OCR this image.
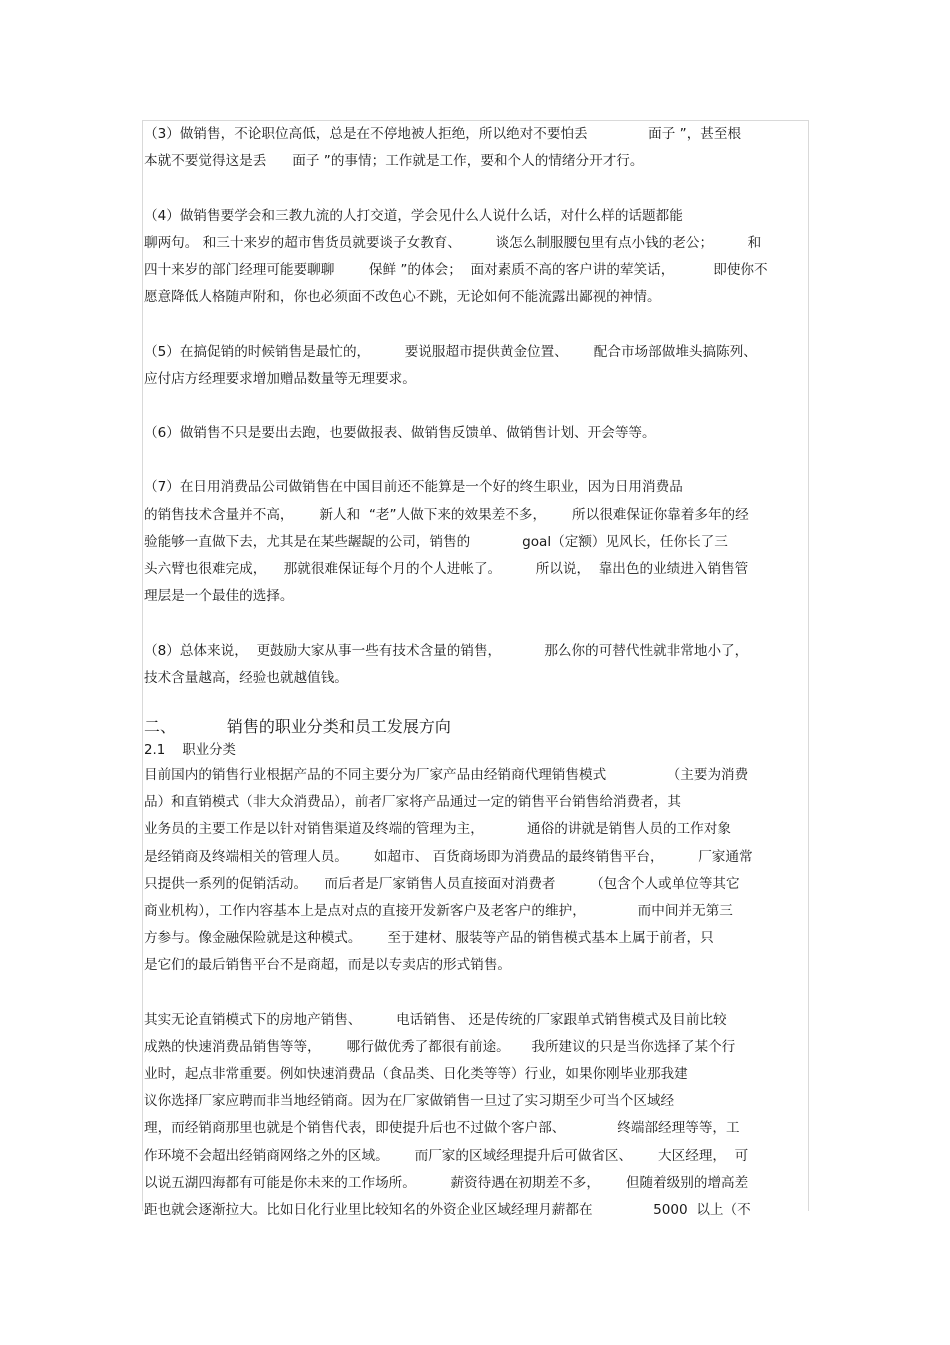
（3）做销售，不论职位高低，总是在不停地被人拒绝，所以绝对不要怕丢              面子 ”，甚至根
本就不要觉得这是丢      面子 ”的事情；工作就是工作，要和个人的情绪分开才行。
（4）做销售要学会和三教九流的人打交道，学会见什么人说什么话，对什么样的话题都能
聊两句。 和三十来岁的超市售货员就要谈子女教育、        谈怎么制服腰包里有点小钱的老公；        和
四十来岁的部门经理可能要聊聊        保鲜 ”的体会；  面对素质不高的客户讲的荤笑话，         即使你不
愿意降低人格随声附和，你也必须面不改色心不跳，无论如何不能流露出鄙视的神情。
（5）在搞促销的时候销售是最忙的，        要说服超市提供黄金位置、      配合市场部做堆头搞陈列、
应付店方经理要求增加赠品数量等无理要求。
（6）做销售不只是要出去跑，也要做报表、做销售反馈单、做销售计划、开会等等。
（7）在日用消费品公司做销售在中国目前还不能算是一个好的终生职业，因为日用消费品
的销售技术含量并不高，      新人和  “老”人做下来的效果差不多，      所以很难保证你靠着多年的经
验能够一直做下去，尤其是在某些龌龊的公司，销售的            goal（定额）见风长，任你长了三
头六臂也很难完成，    那就很难保证每个月的个人进帐了。        所以说，  靠出色的业绩进入销售管
理层是一个最佳的选择。
（8）总体来说，  更鼓励大家从事一些有技术含量的销售，          那么你的可替代性就非常地小了，
技术含量越高，经验也就越值钱。
二、          销售的职业分类和员工发展方向
2.1    职业分类
目前国内的销售行业根据产品的不同主要分为厂家产品由经销商代理销售模式              （主要为消费
品）和直销模式（非大众消费品），前者厂家将产品通过一定的销售平台销售给消费者，其
业务员的主要工作是以针对销售渠道及终端的管理为主，          通俗的讲就是销售人员的工作对象
是经销商及终端相关的管理人员。      如超市、 百货商场即为消费品的最终销售平台，        厂家通常
只提供一系列的促销活动。    而后者是厂家销售人员直接面对消费者        （包含个人或单位等其它
商业机构），工作内容基本上是点对点的直接开发新客户及老客户的维护，            而中间并无第三
方参与。像金融保险就是这种模式。      至于建材、服装等产品的销售模式基本上属于前者，只
是它们的最后销售平台不是商超，而是以专卖店的形式销售。
其实无论直销模式下的房地产销售、        电话销售、 还是传统的厂家跟单式销售模式及目前比较
成熟的快速消费品销售等等，      哪行做优秀了都很有前途。     我所建议的只是当你选择了某个行
业时，起点非常重要。例如快速消费品（食品类、日化类等等）行业，如果你刚毕业那我建
议你选择厂家应聘而非当地经销商。因为在厂家做销售一旦过了实习期至少可当个区域经
理，而经销商那里也就是个销售代表，即使提升后也不过做个客户部、            终端部经理等等，工
作环境不会超出经销商网络之外的区域。      而厂家的区域经理提升后可做省区、      大区经理，  可
以说五湖四海都有可能是你未来的工作场所。        薪资待遇在初期差不多，      但随着级别的增高差
距也就会逐渐拉大。比如日化行业里比较知名的外资企业区域经理月薪都在              5000  以上（不
